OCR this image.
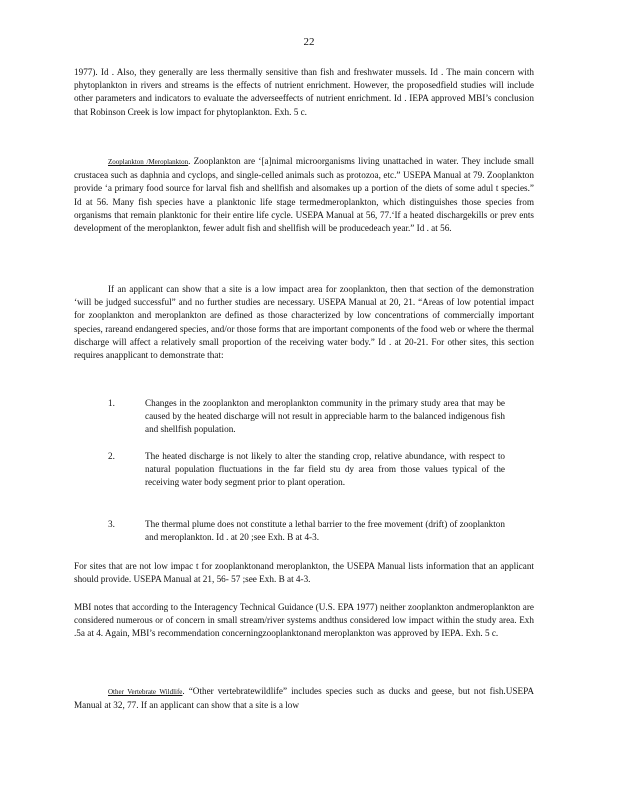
22
1977). Id . Also, they generally are less thermally sensitive than fish and freshwater mussels. Id . The main concern with phytoplankton in rivers and streams is the effects of nutrient enrichment. However, the proposedfield studies will include other parameters and indicators to evaluate the adverseeffects of nutrient enrichment. Id . IEPA approved MBI’s conclusion that Robinson Creek is low impact for phytoplankton. Exh. 5 c.
Zooplankton /Meroplankton. Zooplankton are ‘[a]nimal microorganisms living unattached in water. They include small crustacea such as daphnia and cyclops, and single-celled animals such as protozoa, etc.” USEPA Manual at 79. Zooplankton provide ‘a primary food source for larval fish and shellfish and alsomakes up a portion of the diets of some adul t species.” Id at 56. Many fish species have a planktonic life stage termedmeroplankton, which distinguishes those species from organisms that remain planktonic for their entire life cycle. USEPA Manual at 56, 77.‘If a heated dischargekills or prev ents development of the meroplankton, fewer adult fish and shellfish will be producedeach year.” Id . at 56.
If an applicant can show that a site is a low impact area for zooplankton, then that section of the demonstration ‘will be judged successful” and no further studies are necessary. USEPA Manual at 20, 21. “Areas of low potential impact for zooplankton and meroplankton are defined as those characterized by low concentrations of commercially important species, rareand endangered species, and/or those forms that are important components of the food web or where the thermal discharge will affect a relatively small proportion of the receiving water body.” Id . at 20-21. For other sites, this section requires anapplicant to demonstrate that:
1.	Changes in the zooplankton and meroplankton community in the primary study area that may be caused by the heated discharge will not result in appreciable harm to the balanced indigenous fish and shellfish population.
2.	The heated discharge is not likely to alter the standing crop, relative abundance, with respect to natural population fluctuations in the far field stu dy area from those values typical of the receiving water body segment prior to plant operation.
3.	The thermal plume does not constitute a lethal barrier to the free movement (drift) of zooplankton and meroplankton. Id . at 20 ;see Exh. B at 4-3.
For sites that are not low impac t for zooplanktonand meroplankton, the USEPA Manual lists information that an applicant should provide. USEPA Manual at 21, 56- 57 ;see Exh. B at 4-3.
MBI notes that according to the Interagency Technical Guidance (U.S. EPA 1977) neither zooplankton andmeroplankton are considered numerous or of concern in small stream/river systems andthus considered low impact within the study area. Exh .5a at 4. Again, MBI’s recommendation concerningzooplanktonand meroplankton was approved by IEPA. Exh. 5 c.
Other Vertebrate Wildlife. “Other vertebratewildlife” includes species such as ducks and geese, but not fish.USEPA Manual at 32, 77. If an applicant can show that a site is a low
